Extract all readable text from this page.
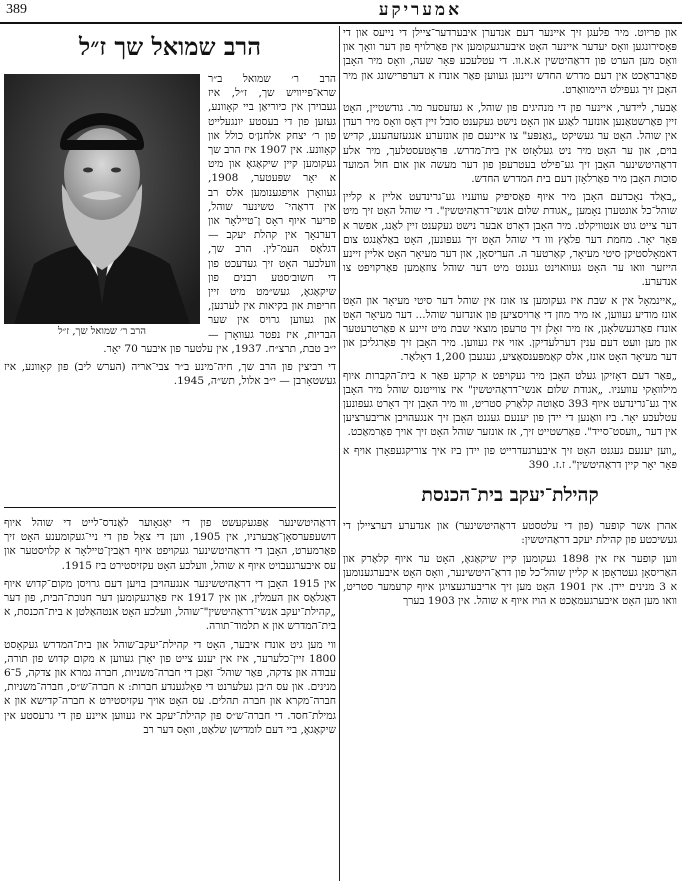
389	אמעריקע

און פריוט. מיר פלעגן זיך איינער דעם אנדערן איבערדער־ציילן די נייעס און די פּאָסירונגען וואָס יעדער איינער האָט איבערגעקומען אין פאַרלויף פון דער וואָך און וואָס מען הערט פון דראַהיטשין א.א.וו. די עטלעכע פּאָר שעה, וואָס מיר האָבן פאַרבראַכט אין דעם מדרש החדש זיינען געווען פאַר אונדז א דערפרישונג און מיר האָבן זיך געפילט היימוואַרט.

אַבער, לײדער, איינער פון די מנהיגים פון שוהל, א געזעסער מר. גודשטיין, האָט זיין פאַרשטאַנען אונזער לאַגע און האָט נישט געקענט סובל זיין דאָס וואָס מיר רעדן אין שוהל. האָט ער געשיקט „גאַנפּע" צו איינעם פון אונזערע אנגעזעהענע, קדיש בוים, און ער האָט מיר ניט געלאָזט אין בית־מדרש. פּראָטעסטלעך, מיר אלע דראַהיטשינער האָבן זיך גע־פילט בעטרעפן פון דער מעשה און אום חול המועד סוכות האָבן מיר פאַרלאָזן דעם בית המדרש החדש.

„באַלד נאָכדעם האָבן מיר איוף פאַסיפיק עוועניו גע־גרינדעט אליין א קליין שוהל־כל אונטערן נאָמען „אגודת שלום אנשי־דראַהיטשין". די שוהל האָט זיך מיט דער צייט גוט אנטוויקלט. מיר האָבן דאָרט אבער נישט געקענט זיין לאַנג, אפשר א פּאָר יאָר. מחמת דער פלאַץ ווו די שוהל האָט זיך געפונען, האָט באַלאַנגט צום דאמאָלסטיקן סיטי מעיאָר, קאַרטער ה. העריסאָן, און דער מעיאָר האָט אליין זיינע הייזער וואו ער האָט געוואוינט געגנט מיט דער שוהל צוזאַמען פאַרקויפט צו אנדערע.

„איינמאָל אין א שבת איז געקומען צו אונז אין שוהל דער סיטי מעיאָר און האָט אונז מודיע געווען, אז מיר מוזן די אַרויסציען פון אונדזער שוהל... דער מעיאָר האָט אונדז פאַרגעשלאָגן, אז מיר זאָלן זיך טרעפן מוצאי שבת מיט זיינע א פאַרטרעטער און מען וועט דעם ענין דערלעדיקן. אזוי איז געווען. מיר האָבן זיך פאַרגליכן און דער מעיאָר האָט אונז, אלס קאַמפּענסאַציע, געגעבן 1,200 דאָלאַר.

„פאַר דעם דאָזיקן געלט האָבן מיר געקויפט א קרקע פאַר א בית־הקברות איוף מילוואָקי עוועניו. „אגודת שלום אנשי־דראַהיטשין" איז צווייטנס שוהל מיר האָבן איך גע־גרינדעט איוף 393 סאַוטה קלאַרק סטריט, ווו מיר האָבן זיך דאָרט געפונען עטלעכע יאָר. ביז וואַנען די יידן פון יענעם געגנט האָבן זיך אנגעהויבן אריבערציען אין דער „וועסט־סייד". פאַרשטייט זיך, אז אונזער שוהל האָט זיך אויך פאַרמאַכט.

„ווען יענעם געגנט האָט זיך איבערגעדרייט פון יידן ביז איך צוריקגעפאָרן אויף א פּאָר יאָר קיין דראַהיטשין". ז.ז. 390

קהילת־יעקב בית־הכנסת

אהרן אשר קופער (פון די עלטסטע דראַהיטשינער) און אנדערע דערציילן די געשיכטע פון קהילת יעקב דראַהיטשין:

ווען קופער איז אין 1898 געקומען קיין שיקאַגאָ, האָט ער איוף קלאַרק און האַריסאָן געטראָפן א קליין שוהל־כל פון דראַ־היטשינער, וואָס האָט איבערגענומען א 3 מנינים יידן. אין 1901 האָט מען זיך אריבערגעצויגן איוף קרעמער סטריט, וואו מען האָט איבערגעמאַכט א הויז איוף א שוהל. אין 1903 בערך

הרב שמואל שך ז״ל
הרב ר׳ שמואל שך, ז״ל

הרב ר׳ שמואל ב״ר שרא־פייוויש שך, ז״ל, איז געבוירן אין כיוריאַן ביי קאָוונע, געזען פון די בעסטע יונגעלייט פון ר׳ יצחק אלחנן׳ס כולל און קאָוונע. אין 1907 איז הרב שך געקומען קיין שיקאַגאָ און מיט א יאָר שפּעטער, 1908, געוואָרן אויפגענומען אלס רב אין דראַהי־ טשינער שוהל, פריער איוף ראָס ן־טיילאָר און דערנאָך אין קהלת יעקב — דגלאַס העמ־לין. הרב שך, וועלכער האָט זיך געדעכט פון די חשוב׳סטע רבנים פון שיקאַגאָ, געש״מט מיט זיין חריפות און בקיאות אין לערנען, און געווען גרויס אין שער הבריות, איז נפטר געוואָרן — י״ב טבת, תרצ״ח. 1937, אין עלטער פון איבער 70 יאָר.

די רביצין פון הרב שך, חיה־מינע ב״ר צבי־אריה (הערש ליב) פון קאָוונע, איז געשטאָרבן — י״ב אלול, תש״ה, 1945.

דראַהיטשינער אַפּגעקעשט פון די יאַנאָוער לאַנדס־לייט די שוהל איוף דושעפערסאָן־אַבערניו, אין 1905, ווען די צאָל פון די ניי־געקומענע האָט זיך פאַרמערט, האָבן די דראַהיטשינער געקויפט איוף ראַבין־טיילאָר א קלויסטער און עס איבערגעבויט איוף א שוהל, וועלכע האָט עקזיסטירט ביז 1915.

אין 1915 האָבן די דראַהיטשינער אנגעהויבן בויען דעם גרויסן מקום־קדוש איוף דאַגלאַס און העמלין, און אין 1917 איז פאַרגעקומען דער חנוכת־הבית, פון דער „קהילת־יעקב אנשי־דראַהיטשין"־שוהל, וועלכע האָט אנטהאַלטן א בית־הכנסת, א בית־המדרש און א תלמוד־תורה.

ווי מען גיט אונדז איבער, האָט די קהילת־יעקב־שוהל און בית־המדרש געקאָסט 1800 זיין־כלערער, איז אין יענע צייט פון יאָרן געווען א מקום קדוש פון תורה, עבודה און צדקה, פאַר שוהל־ זאַכן די חברה־משניות, חברה גמרא און צדקה, 5־6 מנינים. און עס ה׳בן געלערנט די פאָלגענדע חברות: א חברה־ש״ס, חברה־משניות, חברה־מקרא און חברה תהלים. עס האָט אויך עקזיסטירט א חברה־קדישא און א גמילת־חסד. די חברה־ש״ס פון קהילת־יעקב איז געווען איינע פון די גרעסטע אין שיקאַגאָ, ביי דעם לומדישן שלאַט, וואָס דער רב
